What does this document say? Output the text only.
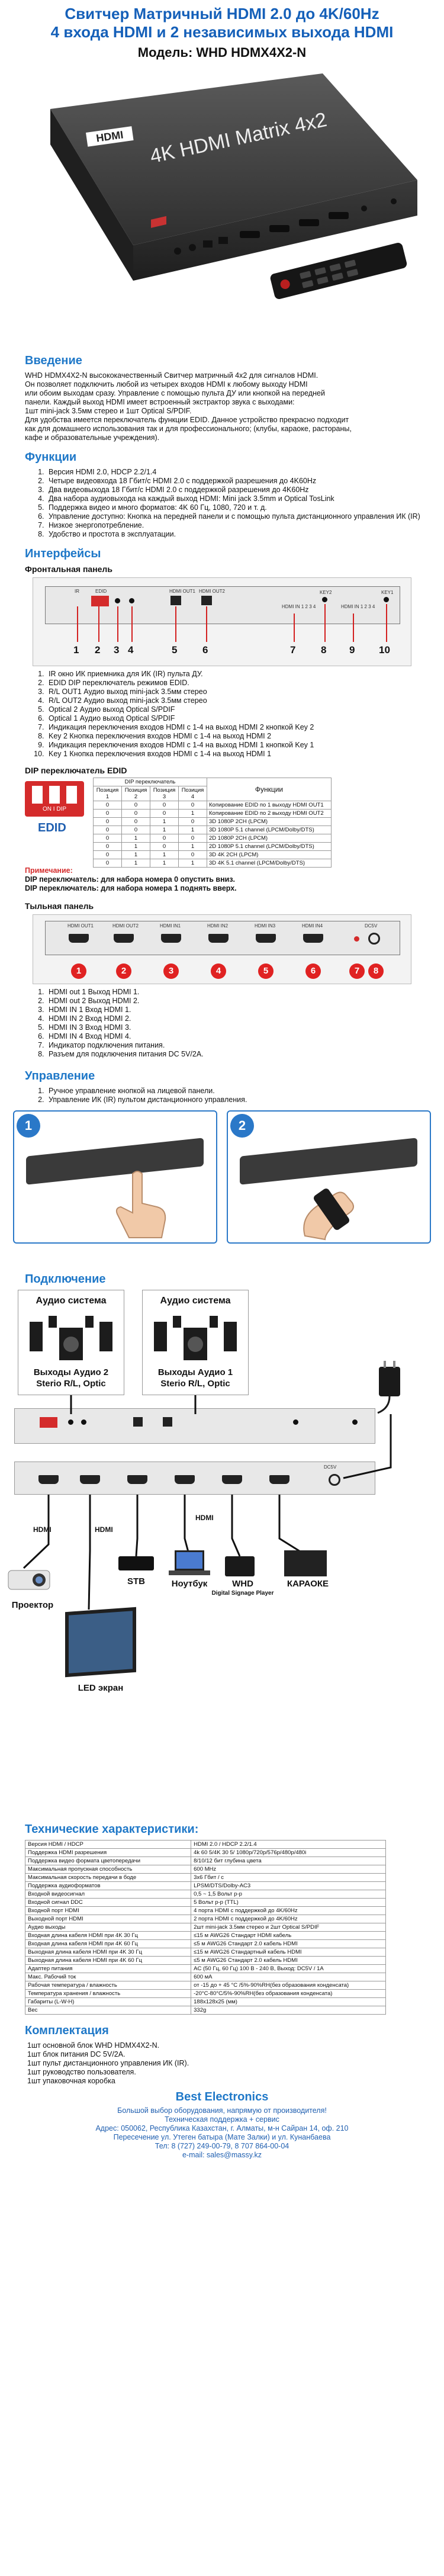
Свитчер Матричный HDMI 2.0 до 4K/60Hz
4 входа HDMI и 2 независимых выхода HDMI
Модель: WHD HDMX4X2-N
HDMI 4K HDMI Matrix 4x2
Введение
WHD HDMX4X2-N высококачественный Свитчер матричный 4х2 для сигналов HDMI.
Он позволяет подключить любой из четырех входов HDMI к любому выходу HDMI
или обоим выходам сразу. Управление с помощью пульта ДУ или кнопкой на передней
панели. Каждый выход HDMI имеет встроенный экстрактор звука с выходами:
1шт mini-jack 3.5мм стерео и 1шт Optical S/PDIF.
Для удобства имеется переключатель функции EDID. Данное устройство прекрасно подходит
как для домашнего использования так и для профессионального; (клубы, караоке, растораны,
кафе и образовательные учреждения).
Функции
1. Версия HDMI 2.0, HDCP 2.2/1.4
2. Четыре видеовхода 18 Гбит/с HDMI 2.0 с поддержкой разрешения до 4K60Hz
3. Два видеовыхода 18 Гбит/с HDMI 2.0 с поддержкой разрешения до 4K60Hz
4. Два набора аудиовыхода на каждый выход HDMI: Mini jack 3.5mm и Optical TosLink
5. Поддержка видео и много форматов: 4K 60 Гц, 1080, 720 и т. д.
6. Управление доступно: Кнопка на передней панели и с помощью пульта дистанционного управления ИК (IR)
7. Низкое энергопотребление.
8. Удобство и простота в эксплуатации.
Интерфейсы
Фронтальная панель
IR	EDID	HDMI OUT1 HDMI OUT2
HDMI IN 1 2 3 4	HDMI IN 1 2 3 4
KEY2	KEY1
1 2 3 4	5	6	7	8 9 10
1. IR окно ИК приемника для ИК (IR) пульта ДУ.
2. EDID DIP переключатель режимов EDID.
3. R/L OUT1 Аудио выход mini-jack 3.5мм стерео
4. R/L OUT2 Аудио выход mini-jack 3.5мм стерео
5. Optical 2 Аудио выход Optical S/PDIF
6. Optical 1 Аудио выход Optical S/PDIF
7. Индикация переключения входов HDMI с 1-4 на выход HDMI 2 кнопкой Key 2
8. Key 2 Кнопка переключения входов HDMI с 1-4 на выход HDMI 2
9. Индикация переключения входов HDMI с 1-4 на выход HDMI 1 кнопкой Key 1
10. Key 1 Кнопка переключения входов HDMI с 1-4 на выход HDMI 1
DIP переключатель EDID
ON I DIP
EDID
DIP переключатель				Функции
Позиция 1	Позиция 2	Позиция 3	Позиция 4	
0	0	0	0	Копирование EDID по 1 выходу HDMI OUT1
0	0	0	1	Копирование EDID по 2 выходу HDMI OUT2
0	0	1	0	3D 1080P 2CH (LPCM)
0	0	1	1	3D 1080P 5.1 channel (LPCM/Dolby/DTS)
0	1	0	0	2D 1080P 2CH (LPCM)
0	1	0	1	2D 1080P 5.1 channel (LPCM/Dolby/DTS)
0	1	1	0	3D 4K 2CH (LPCM)
0	1	1	1	3D 4K 5.1 channel (LPCM/Dolby/DTS)
Примечание:
DIP переключатель: для набора номера 0 опустить вниз.
DIP переключатель: для набора номера 1 поднять вверх.
Тыльная панель
HDMI OUT1	HDMI OUT2	HDMI IN1	HDMI IN2	HDMI IN3	HDMI IN4	DC5V
1	2	3	4	5	6	7	8
1. HDMI out 1 Выход HDMI 1.
2. HDMI out 2 Выход HDMI 2.
3. HDMI IN 1 Вход HDMI 1.
4. HDMI IN 2 Вход HDMI 2.
5. HDMI IN 3 Вход HDMI 3.
6. HDMI IN 4 Вход HDMI 4.
7. Индикатор подключения питания.
8. Разъем для подключения питания DC 5V/2A.
Управление
1. Ручное управление кнопкой на лицевой панели.
2. Управление ИК (IR) пультом дистанционного управления.
1	2
Подключение
Аудио система	Аудио система
Выходы Аудио 2 Sterio R/L, Optic
Выходы Аудио 1 Sterio R/L, Optic
DC5V
HDMI	HDMI
HDMI
STB	Ноутбук	WHD
Digital Signage Player
КАРАОКЕ
Проектор
LED экран
Технические характеристики:
Версия HDMI / HDCP	HDMI 2.0 / HDCP 2.2/1.4
Поддержка HDMI разрешения	4k 60 5/4K 30 5/ 1080p/720p/576p/480p/480i
Поддержка видео формата цветопередачи	8/10/12 бит глубина цвета
Максимальная пропускная способность	600 MHz
Максимальная скорость передачи в боде	3x6 Гбит / с
Поддержка аудиоформатов	LPSM/DTS/Dolby-AC3
Входной видеосигнал	0,5 ~ 1,5 Вольт р-р
Входной сигнал DDC	5 Вольт р-р (TTL)
Входной порт HDMI	4 порта HDMI с поддержкой до 4K/60Hz
Выходной порт HDMI	2 порта HDMI с поддержкой до 4K/60Hz
Аудио выходы	2шт mini-jack 3.5мм стерео и 2шт Optical S/PDIF
Входная длина кабеля HDMI при 4K 30 Гц	≤15 м AWG26 Стандарт HDMI кабель
Входная длина кабеля HDMI при 4K 60 Гц	≤5 м AWG26 Стандарт 2.0 кабель HDMI
Выходная длина кабеля HDMI при 4K 30 Гц	≤15 м AWG26 Стандартный кабель HDMI
Выходная длина кабеля HDMI при 4K 60 Гц	≤5 м AWG26 Стандарт 2.0 кабель HDMI
Адаптер питания	AC (50 Гц, 60 Гц) 100 В - 240 В, Выход: DC5V / 1A
Макс. Рабочий ток	600 мА
Рабочая температура / влажность	от -15 до + 45 °C /5%-90%RH(без образования конденсата)
Температура хранения / влажность	-20°C-80°C/5%-90%RH(без образования конденсата)
Габариты (L-W-H)	188x128x25 (мм)
Вес	332g
Комплектация
1шт основной блок WHD HDMX4X2-N.
1шт блок питания DC 5V/2A.
1шт пульт дистанционного управления ИК (IR).
1шт руководство пользователя.
1шт упаковочная коробка
Best Electronics
Большой выбор оборудования, напрямую от производителя!
Техническая поддержка + сервис
Адрес: 050062, Республика Казахстан, г. Алматы, м-н Сайран 14, оф. 210
Пересечение ул. Утеген батыра (Мате Залки) и ул. Кунанбаева
Тел: 8 (727) 249-00-79, 8 707 864-00-04
e-mail: sales@massy.kz
